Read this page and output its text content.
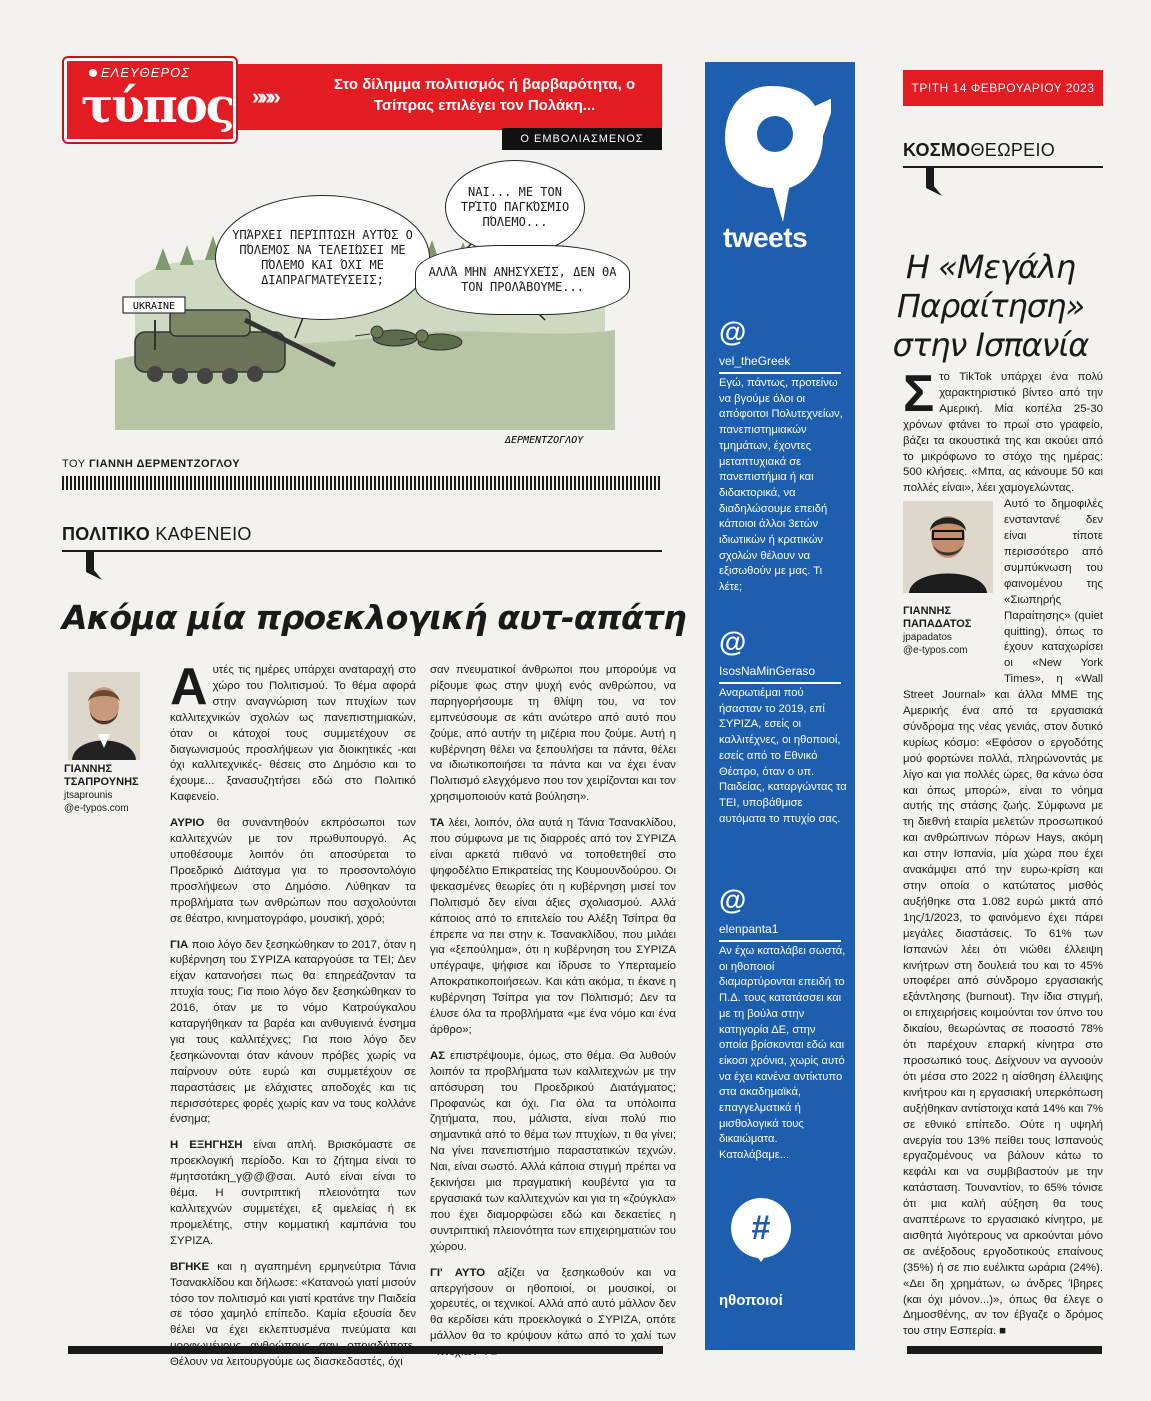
ΕΛΕΥΘΕΡΟΣ
τύπος »»»	Στο δίλημμα πολιτισμός ή βαρβαρότητα, ο Τσίπρας επιλέγει τον Πολάκη...
Ο ΕΜΒΟΛΙΑΣΜΕΝΟΣ
UKRAINE
ΔΕΡΜΕΝΤΖΟΓΛΟΥ
ΥΠΆΡΧΕΙ ΠΕΡΊΠΤΩΣΗ ΑΥΤΌΣ Ο ΠΌΛΕΜΟΣ ΝΑ ΤΕΛΕΙΏΣΕΙ ΜΕ ΠΌΛΕΜΟ ΚΑΙ ΌΧΙ ΜΕ ΔΙΑΠΡΑΓΜΑΤΕΎΣΕΙΣ;
ΝΑΙ... ΜΕ ΤΟΝ ΤΡΊΤΟ ΠΑΓΚΌΣΜΙΟ ΠΌΛΕΜΟ...
ΑΛΛΆ ΜΗΝ ΑΝΗΣΥΧΕΊΣ, ΔΕΝ ΘΑ ΤΟΝ ΠΡΟΛΆΒΟΥΜΕ...
ΤΟΥ ΓΙΑΝΝΗ ΔΕΡΜΕΝΤΖΟΓΛΟΥ
ΠΟΛΙΤΙΚΟ ΚΑΦΕΝΕΙΟ
Ακόμα μία προεκλογική αυτ-απάτη
ΓΙΑΝΝΗΣ
ΤΣΑΠΡΟΥΝΗΣ
jtsaprounis
@e-typos.com

Αυτές τις ημέρες υπάρχει αναταραχή στο χώρο του Πολιτισμού. Το θέμα αφορά στην αναγνώριση των πτυχίων των καλλιτεχνικών σχολών ως πανεπιστημιακών, όταν οι κάτοχοί τους συμμετέχουν σε διαγωνισμούς προσλήψεων για διοικητικές -και όχι καλλιτεχνικές- θέσεις στο Δημόσιο και το έχουμε... ξανασυζητήσει εδώ στο Πολιτικό Καφενείο.

ΑΥΡΙΟ θα συναντηθούν εκπρόσωποι των καλλιτεχνών με τον πρωθυπουργό. Ας υποθέσουμε λοιπόν ότι αποσύρεται το Προεδρικό Διάταγμα για το προσοντολόγιο προσλήψεων στο Δημόσιο. Λύθηκαν τα προβλήματα των ανθρώπων που ασχολούνται σε θέατρο, κινηματογράφο, μουσική, χορό;

ΓΙΑ ποιο λόγο δεν ξεσηκώθηκαν το 2017, όταν η κυβέρνηση του ΣΥΡΙΖΑ καταργούσε τα ΤΕΙ; Δεν είχαν κατανοήσει πως θα επηρεάζονταν τα πτυχία τους; Για ποιο λόγο δεν ξεσηκώθηκαν το 2016, όταν με το νόμο Κατρούγκαλου καταργήθηκαν τα βαρέα και ανθυγιεινά ένσημα για τους καλλιτέχνες; Για ποιο λόγο δεν ξεσηκώνονται όταν κάνουν πρόβες χωρίς να παίρνουν ούτε ευρώ και συμμετέχουν σε παραστάσεις με ελάχιστες αποδοχές και τις περισσότερες φορές χωρίς καν να τους κολλάνε ένσημα;

Η ΕΞΗΓΗΣΗ είναι απλή. Βρισκόμαστε σε προεκλογική περίοδο. Και το ζήτημα είναι το #μητσοτάκη_γ@@@σαι. Αυτό είναι είναι το θέμα. Η συντριπτική πλειονότητα των καλλιτεχνών συμμετέχει, εξ αμελείας ή εκ προμελέτης, στην κομματική καμπάνια του ΣΥΡΙΖΑ.

ΒΓΗΚΕ και η αγαπημένη ερμηνεύτρια Τάνια Τσανακλίδου και δήλωσε: «Κατανοώ γιατί μισούν τόσο τον πολιτισμό και γιατί κρατάνε την Παιδεία σε τόσο χαμηλό επίπεδο. Καμία εξουσία δεν θέλει να έχει εκλεπτυσμένα πνεύματα και Θέλουν να λειτουργούμε ως διασκεδαστές, όχι

σαν πνευματικοί άνθρωποι που μπορούμε να ρίξουμε φως στην ψυχή ενός ανθρώπου, να παρηγορήσουμε τη θλίψη του, να τον εμπνεύσουμε σε κάτι ανώτερο από αυτό που ζούμε, από αυτήν τη μιζέρια που ζούμε. Αυτή η κυβέρνηση θέλει να ξεπουλήσει τα πάντα, θέλει να ιδιωτικοποιήσει τα πάντα και να έχει έναν Πολιτισμό ελεγχόμενο που τον χειρίζονται και τον χρησιμοποιούν κατά βούληση».

ΤΑ λέει, λοιπόν, όλα αυτά η Τάνια Τσανακλίδου, που σύμφωνα με τις διαρροές από τον ΣΥΡΙΖΑ είναι αρκετά πιθανό να τοποθετηθεί στο ψηφοδέλτιο Επικρατείας της Κουμουνδούρου. Οι ψεκασμένες θεωρίες ότι η κυβέρνηση μισεί τον Πολιτισμό δεν είναι άξιες σχολιασμού. Αλλά κάποιος από το επιτελείο του Αλέξη Τσίπρα θα έπρεπε να πει στην κ. Τσανακλίδου, που μιλάει για «ξεπούλημα», ότι η κυβέρνηση του ΣΥΡΙΖΑ υπέγραψε, ψήφισε και ίδρυσε το Υπερταμείο Αποκρατικοποιήσεων. Και κάτι ακόμα, τι έκανε η κυβέρνηση Τσίπρα για τον Πολιτισμό; Δεν τα έλυσε όλα τα προβλήματα «με ένα νόμο και ένα άρθρο»;

ΑΣ επιστρέψουμε, όμως, στο θέμα. Θα λυθούν λοιπόν τα προβλήματα των καλλιτεχνών με την απόσυρση του Προεδρικού Διατάγματος; Προφανώς και όχι. Για όλα τα υπόλοιπα ζητήματα, που, μάλιστα, είναι πολύ πιο σημαντικά από το θέμα των πτυχίων, τι θα γίνει; Να γίνει πανεπιστήμιο παραστατικών τεχνών. Ναι, είναι σωστό. Αλλά κάποια στιγμή πρέπει να ξεκινήσει μια πραγματική κουβέντα για τα εργασιακά των καλλιτεχνών και για τη «ζούγκλα» που έχει διαμορφώσει εδώ και δεκαετίες η συντριπτική πλειονότητα των επιχειρηματιών του χώρου.

ΓΙ' ΑΥΤΟ αξίζει να ξεσηκωθούν και να απεργήσουν οι ηθοποιοί, οι μουσικοί, οι χορευτές, οι τεχνικοί. Αλλά από αυτό μάλλον δεν θα κερδίσει κάτι προεκλογικά ο ΣΥΡΙΖΑ, οπότε μάλλον θα το κρύψουν κάτω από το χαλί των

tweets
@
vel_theGreek
Εγώ, πάντως, προτείνω να βγούμε όλοι οι απόφοιτοι Πολυτεχνείων, πανεπιστημιακών τμημάτων, έχοντες μεταπτυχιακά σε πανεπιστήμια ή και διδακτορικά, να διαδηλώσουμε επειδή κάποιοι άλλοι 3ετών ιδιωτικών ή κρατικών σχολών θέλουν να εξισωθούν με μας. Τι λέτε;
@
IsosNaMinGeraso
Αναρωτιέμαι πού ήσασταν το 2019, επί ΣΥΡΙΖΑ, εσείς οι καλλιτέχνες, οι ηθοποιοί, εσείς από το Εθνικό Θέατρο, όταν ο υπ. Παιδείας, καταργώντας τα ΤΕΙ, υποβάθμισε αυτόματα το πτυχίο σας.
@
elenpanta1
Αν έχω καταλάβει σωστά, οι ηθοποιοί διαμαρτύρονται επειδή το Π.Δ. τους κατατάσσει και με τη βούλα στην κατηγορία ΔΕ, στην οποία βρίσκονται εδώ και είκοσι χρόνια, χωρίς αυτό να έχει κανένα αντίκτυπο στα ακαδημαϊκά, επαγγελματικά ή μισθολογικά τους δικαιώματα. Καταλάβαμε...
#
ηθοποιοί
ΤΡΙΤΗ 14 ΦΕΒΡΟΥΑΡΙΟΥ 2023
ΚΟΣΜΟΘΕΩΡΕΙΟ
Η «Μεγάλη Παραίτηση» στην Ισπανία

Στο TikTok υπάρχει ένα πολύ χαρακτηριστικό βίντεο από την Αμερική. Μία κοπέλα 25-30 χρόνων φτάνει το πρωί στο γραφείο, βάζει τα ακουστικά της και ακούει από το μικρόφωνο το στόχο της ημέρας: 500 κλήσεις. «Μπα, ας κάνουμε 50 και πολλές είναι», λέει χαμογελώντας.

ΓΙΑΝΝΗΣ
ΠΑΠΑΔΑΤΟΣ
jpapadatos
@e-typos.com
Αυτό το δημοφιλές ενσταντανέ δεν είναι τίποτε περισσότερο από συμπύκνωση του φαινομένου της «Σιωπηρής Παραίτησης» (quiet quitting), όπως το έχουν καταχωρίσει οι «New York Times», η «Wall Street Journal» και άλλα ΜΜΕ της Αμερικής ένα από τα εργασιακά σύνδρομα της νέας γενιάς, στον δυτικό κυρίως κόσμο: «Εφόσον ο εργοδότης μού φορτώνει πολλά, πληρώνοντάς με λίγο και για πολλές ώρες, θα κάνω όσα και όπως μπορώ», είναι το νόημα αυτής της στάσης ζωής. Σύμφωνα με τη διεθνή εταιρία μελετών προσωπικού και ανθρώπινων πόρων Hays, ακόμη και στην Ισπανία, μία χώρα που έχει ανακάμψει από την ευρω-κρίση και στην οποία ο κατώτατος μισθός αυξήθηκε στα 1.082 ευρώ μικτά από 1ης/1/2023, το φαινόμενο έχει πάρει μεγάλες διαστάσεις. Το 61% των Ισπανών λέει ότι νιώθει έλλειψη κινήτρων στη δουλειά του και το 45% υποφέρει από σύνδρομο εργασιακής εξάντλησης (burnout). Την ίδια στιγμή, οι επιχειρήσεις κοιμούνται τον ύπνο του δικαίου, θεωρώντας σε ποσοστό 78% ότι παρέχουν επαρκή κίνητρα στο προσωπικό τους. Δείχνουν να αγνοούν ότι μέσα στο 2022 η αίσθηση έλλειψης κινήτρου και η εργασιακή υπερκόπωση αυξήθηκαν αντίστοιχα κατά 14% και 7% σε εθνικό επίπεδο. Ούτε η υψηλή ανεργία του 13% πείθει τους Ισπανούς εργαζομένους να βάλουν κάτω το κεφάλι και να συμβιβαστούν με την κατάσταση. Τουναντίον, το 65% τόνισε ότι μια καλή αύξηση θα τους αναπτέρωνε το εργασιακό κίνητρο, με αισθητά λιγότερους να αρκούνται μόνο σε ανέξοδους εργοδοτικούς επαίνους (35%) ή σε πιο ευέλικτα ωράρια (24%). «Δει δη χρημάτων, ω άνδρες Ίβηρες (και όχι μόνον...)», όπως θα έλεγε ο Δημοσθένης, αν τον έβγαζε ο δρόμος του στην Εσπερία. ■
